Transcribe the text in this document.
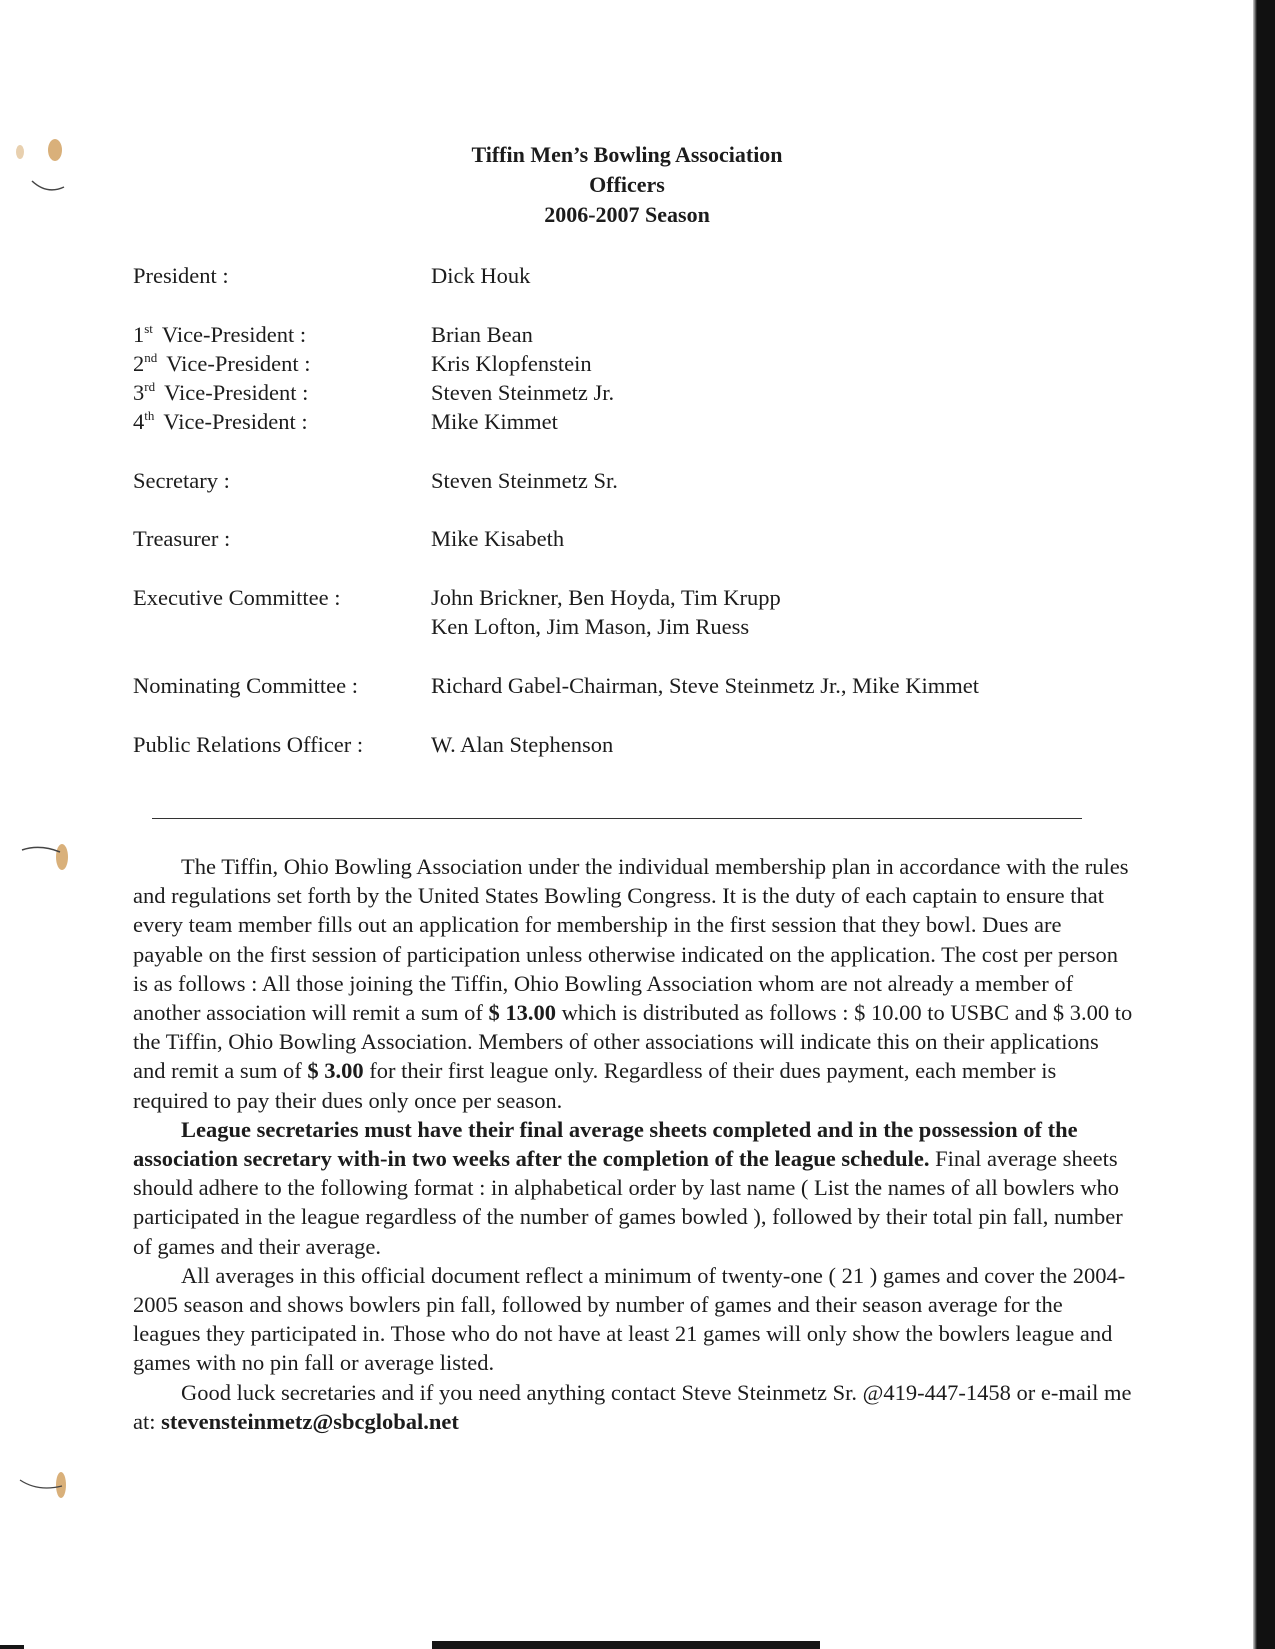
Tiffin Men’s Bowling Association
Officers
2006-2007 Season
President :	Dick Houk
1st Vice-President :	Brian Bean
2nd Vice-President :	Kris Klopfenstein
3rd Vice-President :	Steven Steinmetz Jr.
4th Vice-President :	Mike Kimmet
Secretary :	Steven Steinmetz Sr.
Treasurer :	Mike Kisabeth
Executive Committee :	John Brickner, Ben Hoyda, Tim Krupp
Ken Lofton, Jim Mason, Jim Ruess
Nominating Committee :	Richard Gabel-Chairman, Steve Steinmetz Jr., Mike Kimmet
Public Relations Officer :	W. Alan Stephenson

The Tiffin, Ohio Bowling Association under the individual membership plan in accordance with the rules and regulations set forth by the United States Bowling Congress. It is the duty of each captain to ensure that every team member fills out an application for membership in the first session that they bowl. Dues are payable on the first session of participation unless otherwise indicated on the application. The cost per person is as follows : All those joining the Tiffin, Ohio Bowling Association whom are not already a member of another association will remit a sum of $ 13.00 which is distributed as follows : $ 10.00 to USBC and $ 3.00 to the Tiffin, Ohio Bowling Association. Members of other associations will indicate this on their applications and remit a sum of $ 3.00 for their first league only. Regardless of their dues payment, each member is required to pay their dues only once per season.

League secretaries must have their final average sheets completed and in the possession of the association secretary with-in two weeks after the completion of the league schedule. Final average sheets should adhere to the following format : in alphabetical order by last name ( List the names of all bowlers who participated in the league regardless of the number of games bowled ), followed by their total pin fall, number of games and their average.

All averages in this official document reflect a minimum of twenty-one ( 21 ) games and cover the 2004-2005 season and shows bowlers pin fall, followed by number of games and their season average for the leagues they participated in. Those who do not have at least 21 games will only show the bowlers league and games with no pin fall or average listed.

Good luck secretaries and if you need anything contact Steve Steinmetz Sr. @419-447-1458 or e-mail me at: stevensteinmetz@sbcglobal.net
